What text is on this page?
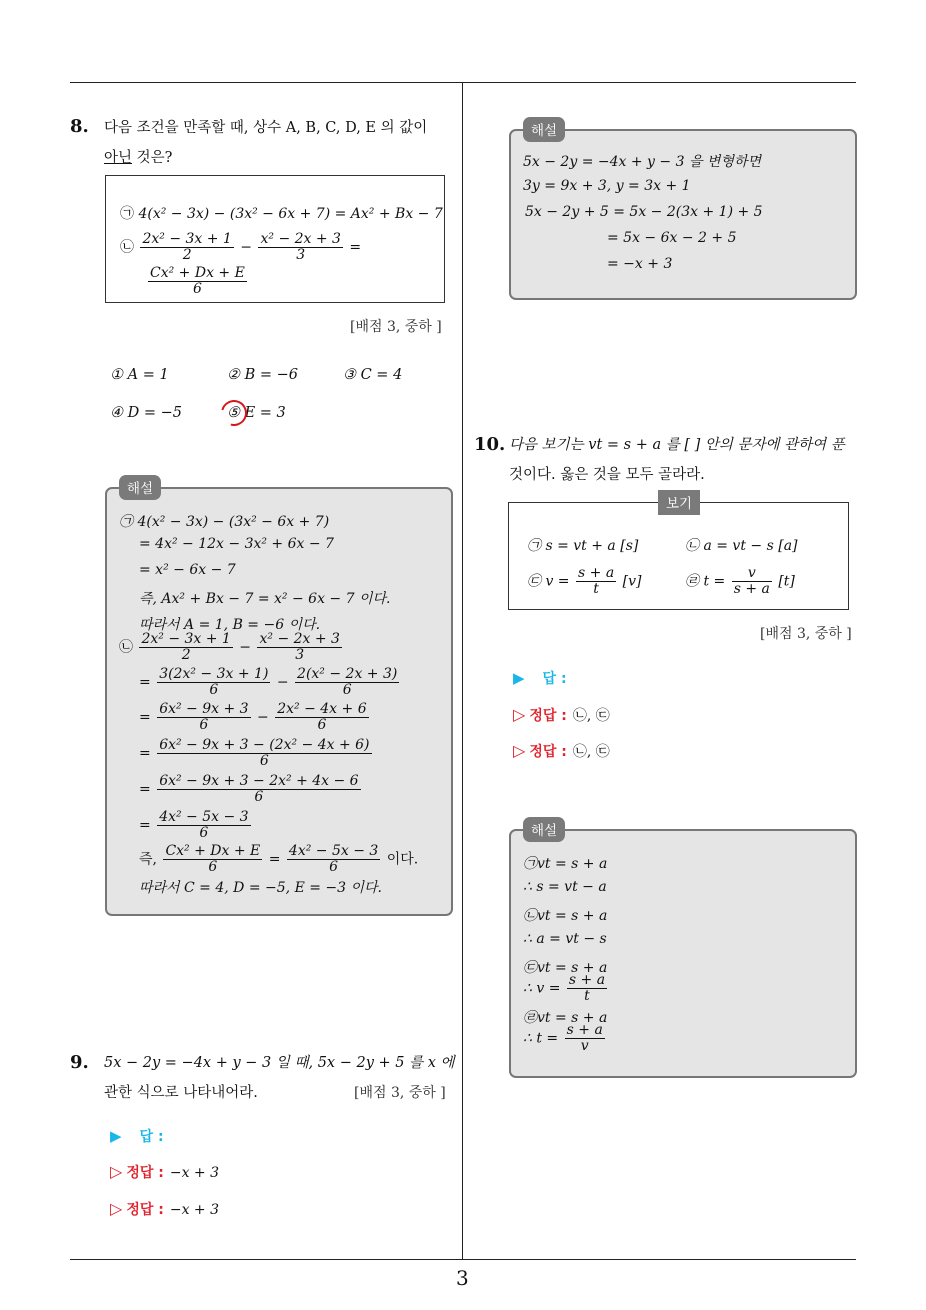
3
8. 다음 조건을 만족할 때, 상수 A, B, C, D, E 의 값이
아닌 것은?
㉠ 4(x² − 3x) − (3x² − 6x + 7) = Ax² + Bx − 7
㉡ $\frac{\text{2x² − 3x + 1}}{2} - \frac{\text{x² − 2x + 3}}{3}$ =
$\frac{\text{Cx² + Dx + E}}{6}$
[배점 3, 중하 ]
① A = 1	② B = −6	③ C = 4
④ D = −5	⑤ E = 3
㉠ 4(x² − 3x) − (3x² − 6x + 7)
= 4x² − 12x − 3x² + 6x − 7
= x² − 6x − 7
즉, Ax² + Bx − 7 = x² − 6x − 7 이다.
따라서 A = 1, B = −6 이다.
㉡ $\frac{\text{2x² − 3x + 1}}{2} - \frac{\text{x² − 2x + 3}}{3}$
= $\frac{\text{3(2x² − 3x + 1)}}{6} - \frac{\text{2(x² − 2x + 3)}}{6}$
= $\frac{\text{6x² − 9x + 3}}{6} - \frac{\text{2x² − 4x + 6}}{6}$
= $\frac{\text{6x² − 9x + 3 − (2x² − 4x + 6)}}{6}$
= $\frac{\text{6x² − 9x + 3 − 2x² + 4x − 6}}{6}$
= $\frac{\text{4x² − 5x − 3}}{6}$
즉, $\frac{\text{Cx² + Dx + E}}{6} = \frac{\text{4x² − 5x − 3}}{6}$ 이다.
따라서 C = 4, D = −5, E = −3 이다.
해설
9. 5x − 2y = −4x + y − 3 일 때, 5x − 2y + 5 를 x 에
관한 식으로 나타내어라.	[배점 3, 중하 ]
▶ 답 :
▷ 정답 : −x + 3
▷ 정답 : −x + 3
5x − 2y = −4x + y − 3 을 변형하면
3y = 9x + 3, y = 3x + 1
5x − 2y + 5 = 5x − 2(3x + 1) + 5
= 5x − 6x − 2 + 5
= −x + 3
해설
10. 다음 보기는 vt = s + a 를 [ ] 안의 문자에 관하여 푼
것이다. 옳은 것을 모두 골라라.
㉠ s = vt + a [s]	㉡ a = vt − s [a]
㉢ $v = \frac{s + a}{t} [v]$	㉣ $t = \frac{v}{s + a} [t]$
보기
[배점 3, 중하 ]
▶ 답 :
▷ 정답 : ㉡, ㉢
▷ 정답 : ㉡, ㉢
㉠vt = s + a
∴ s = vt − a
㉡vt = s + a
∴ a = vt − s
㉢vt = s + a
∴ $v = \frac{s + a}{t}$
㉣vt = s + a
∴ $t = \frac{s + a}{v}$
해설
